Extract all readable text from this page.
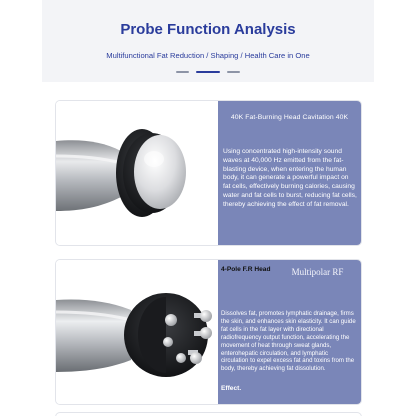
Probe Function Analysis
Multifunctional Fat Reduction / Shaping / Health Care in One
40K Fat-Burning Head Cavitation 40K
Using concentrated high-intensity sound waves at 40,000 Hz emitted from the fat-blasting device, when entering the human body, it can generate a powerful impact on fat cells, effectively burning calories, causing water and fat cells to burst, reducing fat cells, thereby achieving the effect of fat removal.
4-Pole F.R Head	Multipolar RF
Dissolves fat, promotes lymphatic drainage, firms the skin, and enhances skin elasticity. It can guide fat cells in the fat layer with directional radiofrequency output function, accelerating the movement of heat through sweat glands, enterohepatic circulation, and lymphatic circulation to expel excess fat and toxins from the body, thereby achieving fat dissolution.
Effect.
